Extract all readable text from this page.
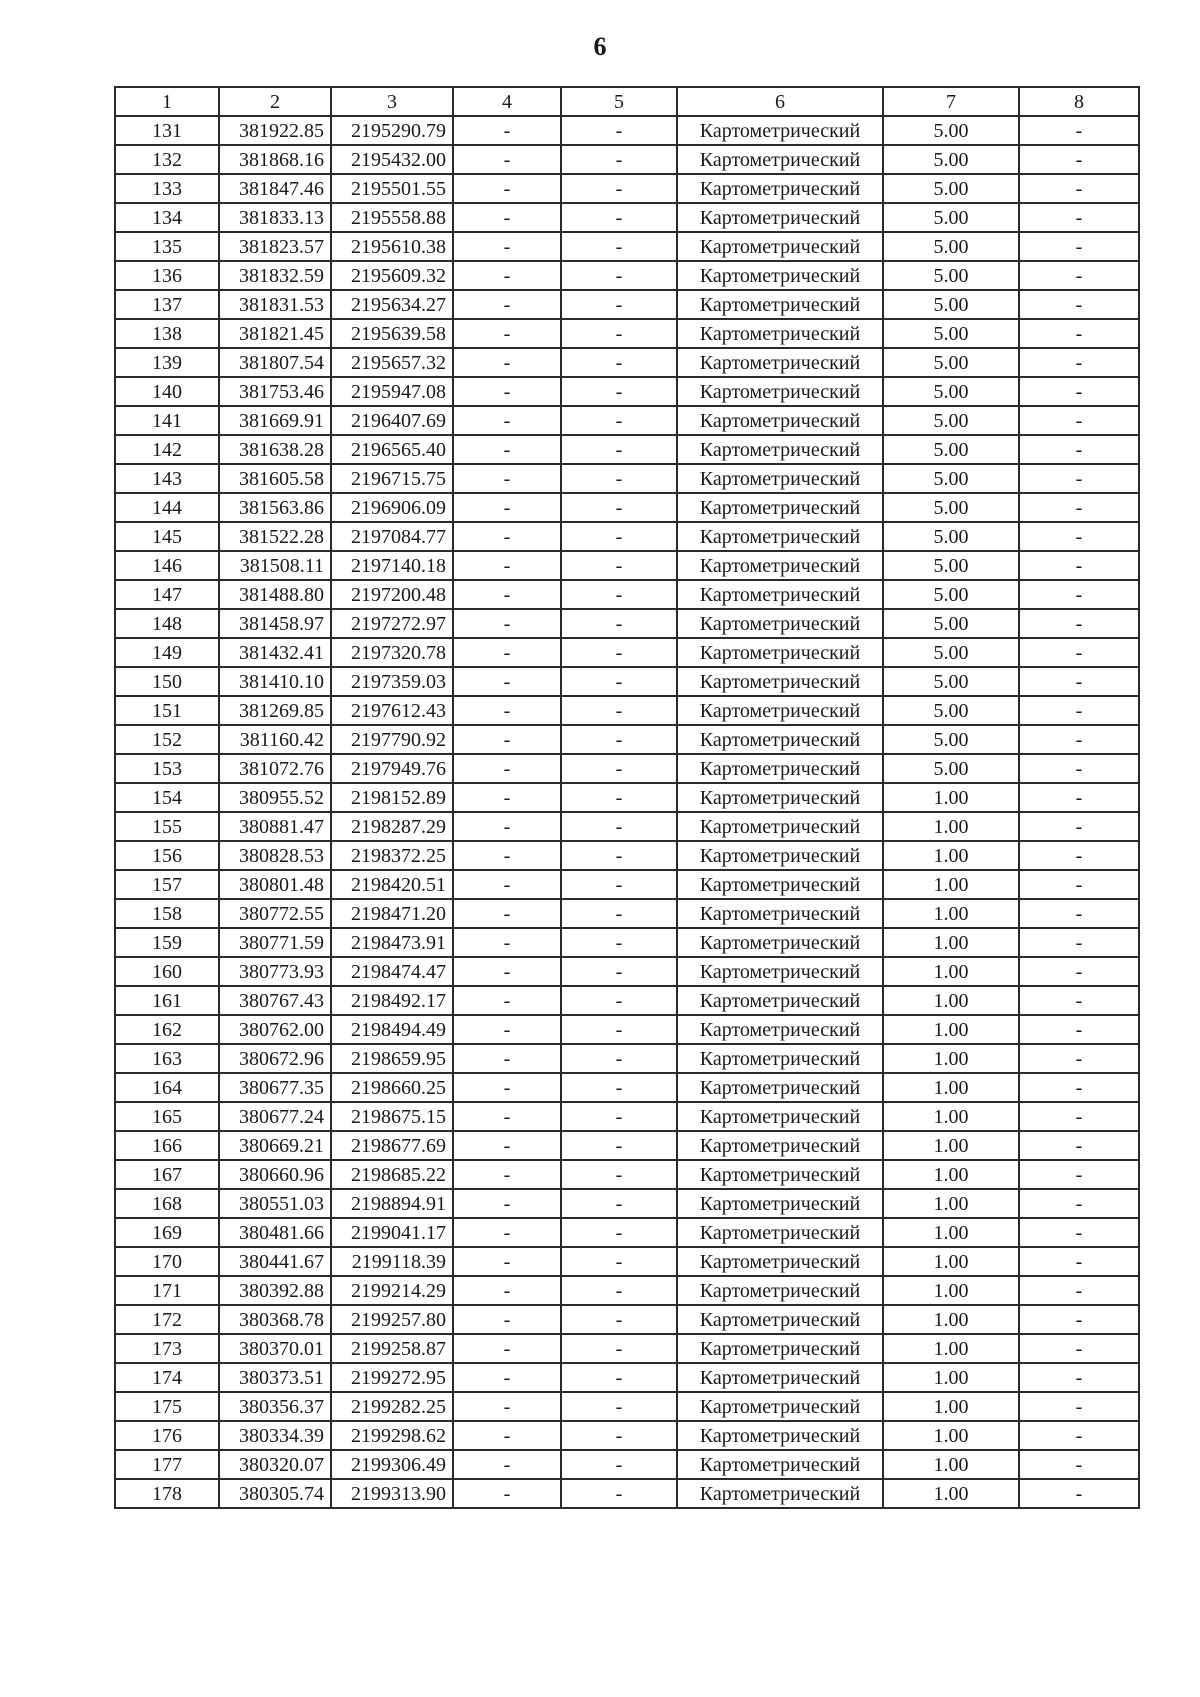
6
1	2	3	4	5	6	7	8
131	381922.85	2195290.79	-	-	Картометрический	5.00	-
132	381868.16	2195432.00	-	-	Картометрический	5.00	-
133	381847.46	2195501.55	-	-	Картометрический	5.00	-
134	381833.13	2195558.88	-	-	Картометрический	5.00	-
135	381823.57	2195610.38	-	-	Картометрический	5.00	-
136	381832.59	2195609.32	-	-	Картометрический	5.00	-
137	381831.53	2195634.27	-	-	Картометрический	5.00	-
138	381821.45	2195639.58	-	-	Картометрический	5.00	-
139	381807.54	2195657.32	-	-	Картометрический	5.00	-
140	381753.46	2195947.08	-	-	Картометрический	5.00	-
141	381669.91	2196407.69	-	-	Картометрический	5.00	-
142	381638.28	2196565.40	-	-	Картометрический	5.00	-
143	381605.58	2196715.75	-	-	Картометрический	5.00	-
144	381563.86	2196906.09	-	-	Картометрический	5.00	-
145	381522.28	2197084.77	-	-	Картометрический	5.00	-
146	381508.11	2197140.18	-	-	Картометрический	5.00	-
147	381488.80	2197200.48	-	-	Картометрический	5.00	-
148	381458.97	2197272.97	-	-	Картометрический	5.00	-
149	381432.41	2197320.78	-	-	Картометрический	5.00	-
150	381410.10	2197359.03	-	-	Картометрический	5.00	-
151	381269.85	2197612.43	-	-	Картометрический	5.00	-
152	381160.42	2197790.92	-	-	Картометрический	5.00	-
153	381072.76	2197949.76	-	-	Картометрический	5.00	-
154	380955.52	2198152.89	-	-	Картометрический	1.00	-
155	380881.47	2198287.29	-	-	Картометрический	1.00	-
156	380828.53	2198372.25	-	-	Картометрический	1.00	-
157	380801.48	2198420.51	-	-	Картометрический	1.00	-
158	380772.55	2198471.20	-	-	Картометрический	1.00	-
159	380771.59	2198473.91	-	-	Картометрический	1.00	-
160	380773.93	2198474.47	-	-	Картометрический	1.00	-
161	380767.43	2198492.17	-	-	Картометрический	1.00	-
162	380762.00	2198494.49	-	-	Картометрический	1.00	-
163	380672.96	2198659.95	-	-	Картометрический	1.00	-
164	380677.35	2198660.25	-	-	Картометрический	1.00	-
165	380677.24	2198675.15	-	-	Картометрический	1.00	-
166	380669.21	2198677.69	-	-	Картометрический	1.00	-
167	380660.96	2198685.22	-	-	Картометрический	1.00	-
168	380551.03	2198894.91	-	-	Картометрический	1.00	-
169	380481.66	2199041.17	-	-	Картометрический	1.00	-
170	380441.67	2199118.39	-	-	Картометрический	1.00	-
171	380392.88	2199214.29	-	-	Картометрический	1.00	-
172	380368.78	2199257.80	-	-	Картометрический	1.00	-
173	380370.01	2199258.87	-	-	Картометрический	1.00	-
174	380373.51	2199272.95	-	-	Картометрический	1.00	-
175	380356.37	2199282.25	-	-	Картометрический	1.00	-
176	380334.39	2199298.62	-	-	Картометрический	1.00	-
177	380320.07	2199306.49	-	-	Картометрический	1.00	-
178	380305.74	2199313.90	-	-	Картометрический	1.00	-
